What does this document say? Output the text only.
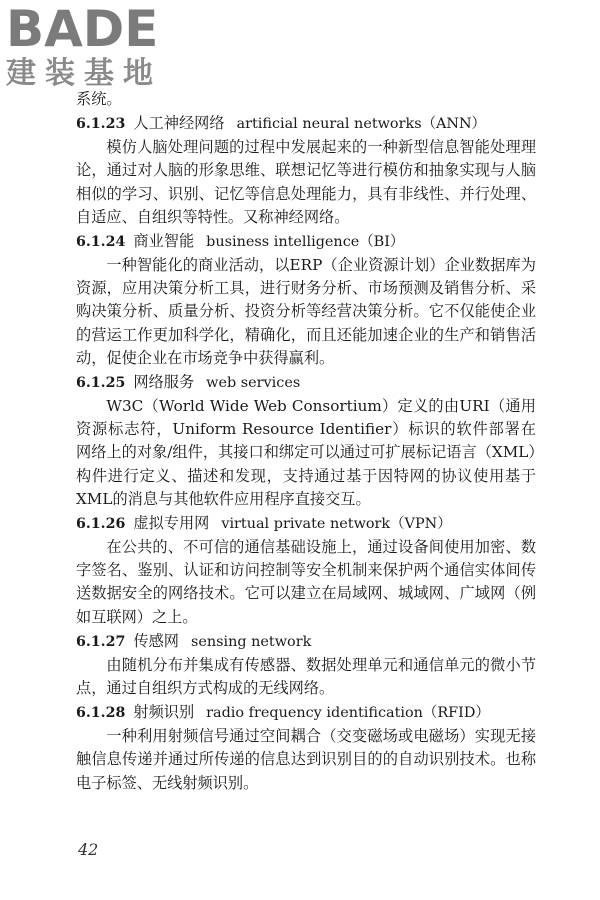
BADE
建装基地

系统。

6.1.23 人工神经网络 artificial neural networks（ANN）

模仿人脑处理问题的过程中发展起来的一种新型信息智能处理理论，通过对人脑的形象思维、联想记忆等进行模仿和抽象实现与人脑相似的学习、识别、记忆等信息处理能力，具有非线性、并行处理、自适应、自组织等特性。又称神经网络。

6.1.24 商业智能 business intelligence（BI）

一种智能化的商业活动，以ERP（企业资源计划）企业数据库为资源，应用决策分析工具，进行财务分析、市场预测及销售分析、采购决策分析、质量分析、投资分析等经营决策分析。它不仅能使企业的营运工作更加科学化，精确化，而且还能加速企业的生产和销售活动，促使企业在市场竞争中获得赢利。

6.1.25 网络服务 web services

W3C（World Wide Web Consortium）定义的由URI（通用资源标志符，Uniform Resource Identifier）标识的软件部署在网络上的对象/组件，其接口和绑定可以通过可扩展标记语言（XML）构件进行定义、描述和发现，支持通过基于因特网的协议使用基于XML的消息与其他软件应用程序直接交互。

6.1.26 虚拟专用网 virtual private network（VPN）

在公共的、不可信的通信基础设施上，通过设备间使用加密、数字签名、鉴别、认证和访问控制等安全机制来保护两个通信实体间传送数据安全的网络技术。它可以建立在局域网、城域网、广域网（例如互联网）之上。

6.1.27 传感网 sensing network

由随机分布并集成有传感器、数据处理单元和通信单元的微小节点，通过自组织方式构成的无线网络。

6.1.28 射频识别 radio frequency identification（RFID）

一种利用射频信号通过空间耦合（交变磁场或电磁场）实现无接触信息传递并通过所传递的信息达到识别目的的自动识别技术。也称电子标签、无线射频识别。

42
